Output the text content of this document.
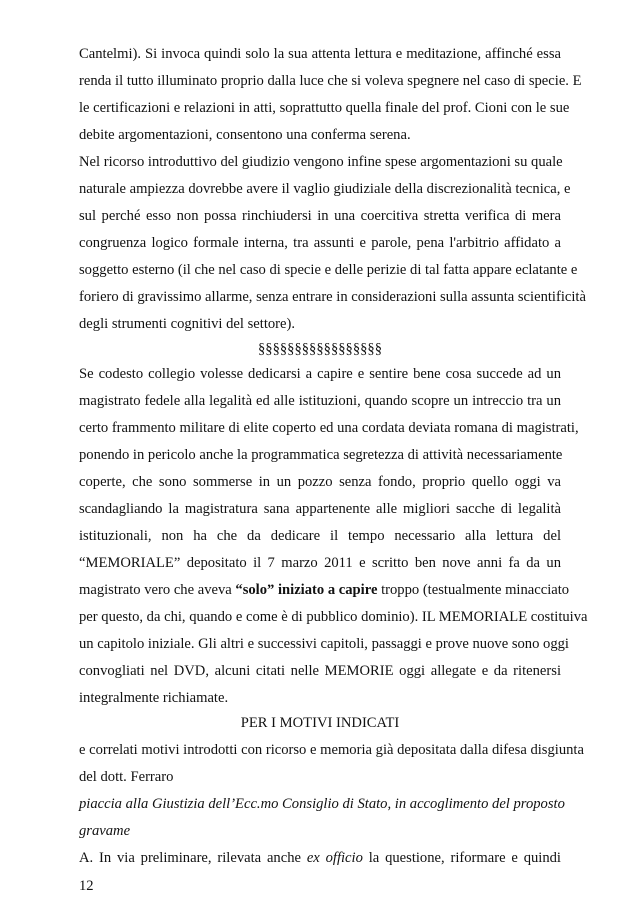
Cantelmi). Si invoca quindi solo la sua attenta lettura e meditazione, affinché essa
renda il tutto illuminato proprio dalla luce che si voleva spegnere nel caso di specie. E
le certificazioni e relazioni in atti, soprattutto quella finale del prof. Cioni con le sue
debite argomentazioni, consentono una conferma serena.
Nel ricorso introduttivo del giudizio vengono infine spese argomentazioni su quale
naturale ampiezza dovrebbe avere il vaglio giudiziale della discrezionalità tecnica, e
sul perché esso non possa rinchiudersi in una coercitiva stretta verifica di mera
congruenza logico formale interna, tra assunti e parole, pena l'arbitrio affidato a
soggetto esterno (il che nel caso di specie e delle perizie di tal fatta appare eclatante e
foriero di gravissimo allarme, senza entrare in considerazioni sulla assunta scientificità
degli strumenti cognitivi del settore).
§§§§§§§§§§§§§§§§§
Se codesto collegio volesse dedicarsi a capire e sentire bene cosa succede ad un
magistrato fedele alla legalità ed alle istituzioni, quando scopre un intreccio tra un
certo frammento militare di elite coperto ed una cordata deviata romana di magistrati,
ponendo in pericolo anche la programmatica segretezza di attività necessariamente
coperte, che sono sommerse in un pozzo senza fondo, proprio quello oggi va
scandagliando la magistratura sana appartenente alle migliori sacche di legalità
istituzionali, non ha che da dedicare il tempo necessario alla lettura del
“MEMORIALE” depositato il 7 marzo 2011 e scritto ben nove anni fa da un
magistrato vero che aveva “solo” iniziato a capire troppo (testualmente minacciato
per questo, da chi, quando e come è di pubblico dominio). IL MEMORIALE costituiva
un capitolo iniziale. Gli altri e successivi capitoli, passaggi e prove nuove sono oggi
convogliati nel DVD, alcuni citati nelle MEMORIE oggi allegate e da ritenersi
integralmente richiamate.
PER I MOTIVI INDICATI
e correlati motivi introdotti con ricorso e memoria già depositata dalla difesa disgiunta
del dott. Ferraro
piaccia alla Giustizia dell’Ecc.mo Consiglio di Stato, in accoglimento del proposto
gravame
A. In via preliminare, rilevata anche ex officio la questione, riformare e quindi
12
